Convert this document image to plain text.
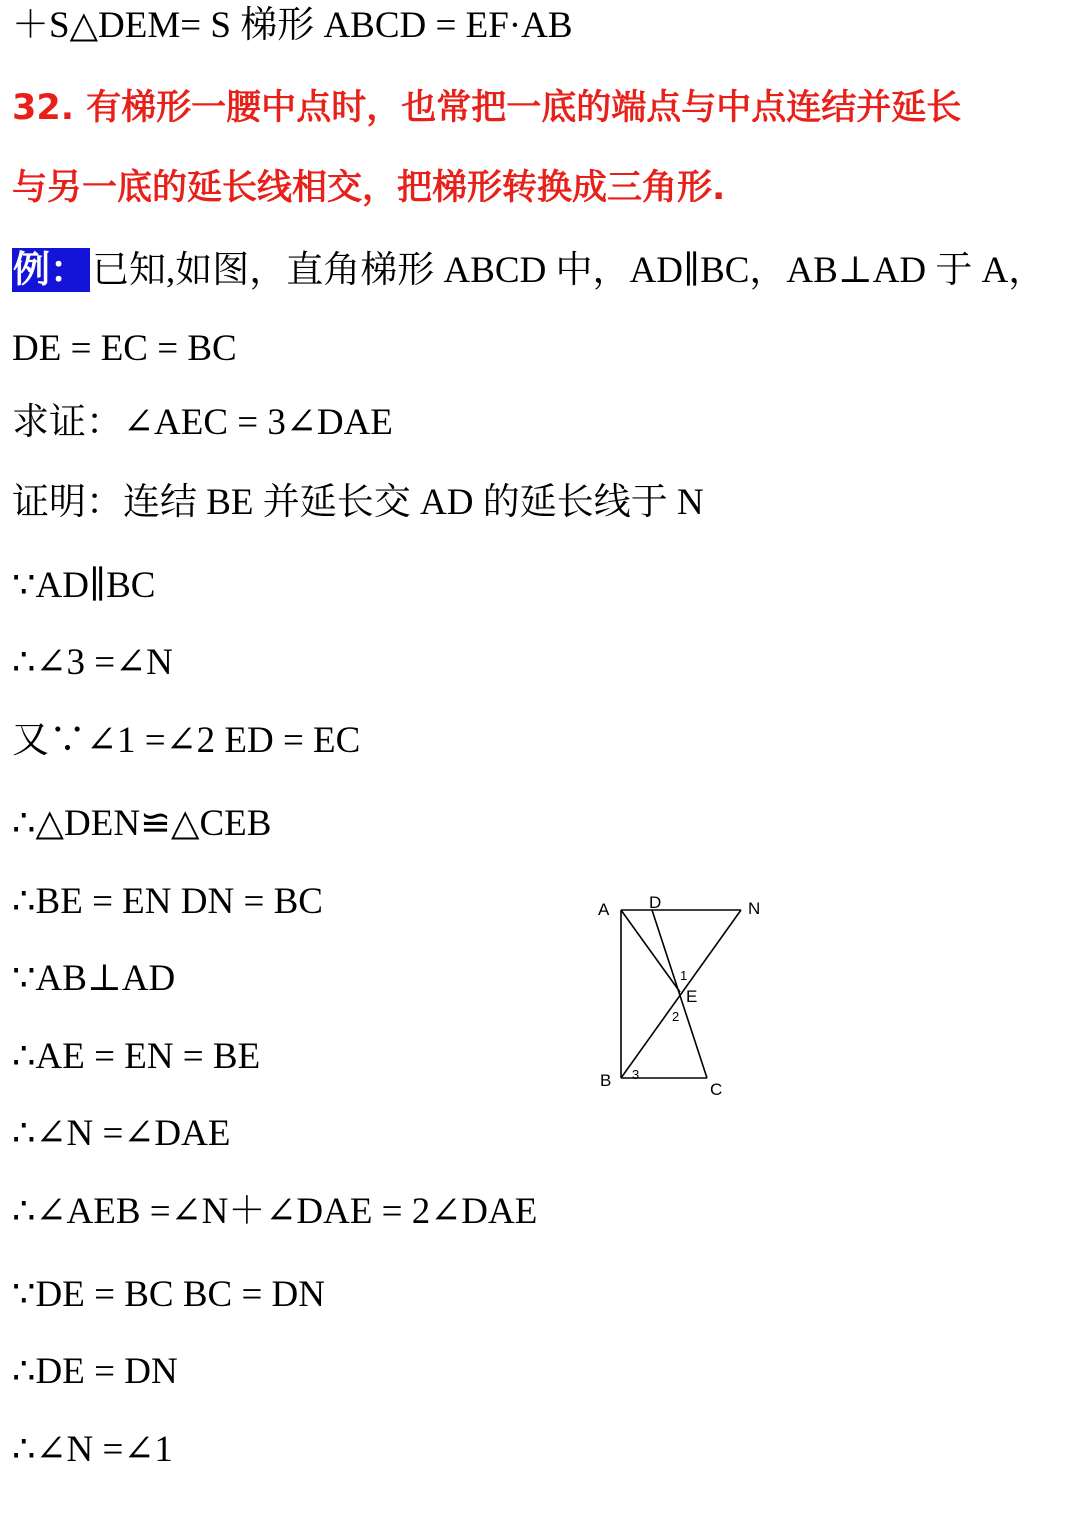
＋S△DEM= S 梯形 ABCD = EF·AB
32. 有梯形一腰中点时，也常把一底的端点与中点连结并延长
与另一底的延长线相交，把梯形转换成三角形.
例： 已知,如图，直角梯形 ABCD 中，AD∥BC，AB⊥AD 于 A，
DE = EC = BC
求证：∠AEC = 3∠DAE
证明：连结 BE 并延长交 AD 的延长线于 N
∵AD∥BC
∴∠3 =∠N
又∵∠1 =∠2 ED = EC
∴△DEN≌△CEB
∴BE = EN DN = BC
∵AB⊥AD
∴AE = EN = BE
∴∠N =∠DAE
∴∠AEB =∠N＋∠DAE = 2∠DAE
∵DE = BC BC = DN
∴DE = DN
∴∠N =∠1
A D	N
E
B	C
1
2
3
